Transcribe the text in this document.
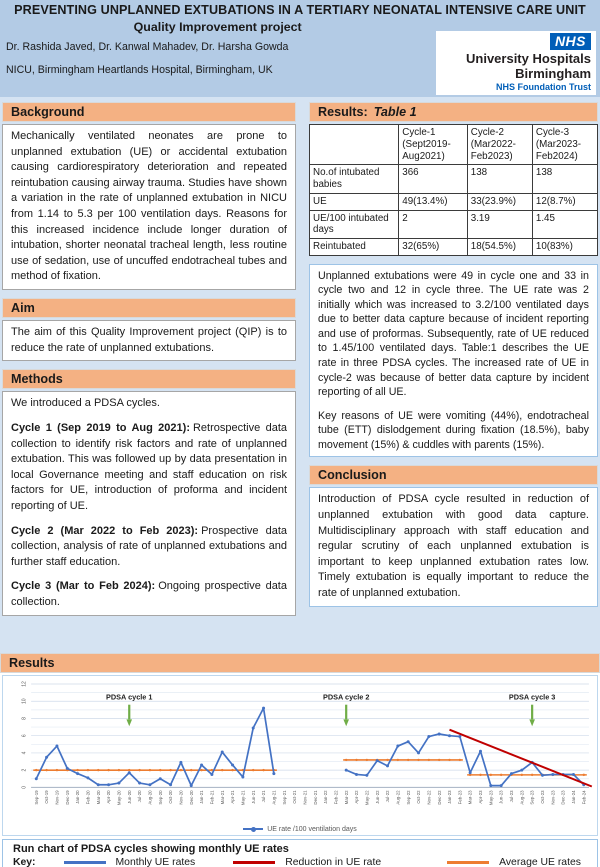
PREVENTING UNPLANNED EXTUBATIONS IN A TERTIARY NEONATAL INTENSIVE CARE UNIT
Quality Improvement project
Dr. Rashida Javed, Dr. Kanwal Mahadev, Dr. Harsha Gowda
NICU, Birmingham Heartlands Hospital, Birmingham, UK
NHS
University Hospitals
Birmingham
NHS Foundation Trust
Background

Mechanically ventilated neonates are prone to unplanned extubation (UE) or accidental extubation causing cardiorespiratory deterioration and repeated reintubation causing airway trauma. Studies have shown a variation in the rate of unplanned extubation in NICU from 1.14 to 5.3 per 100 ventilation days. Reasons for this increased incidence include longer duration of intubation, shorter neonatal tracheal length, less routine use of sedation, use of uncuffed endotracheal tubes and method of fixation.

Aim

The aim of this Quality Improvement project (QIP) is to reduce the rate of unplanned extubations.

Methods

We introduced a PDSA cycles.

Cycle 1 (Sep 2019 to Aug 2021): Retrospective data collection to identify risk factors and rate of unplanned extubation. This was followed up by data presentation in local Governance meeting and staff education on risk factors for UE, introduction of proforma and incident reporting of UE.

Cycle 2 (Mar 2022 to Feb 2023): Prospective data collection, analysis of rate of unplanned extubations and further staff education.

Cycle 3 (Mar to Feb 2024): Ongoing prospective data collection.

Results: Table 1
	Cycle-1 (Sept2019-Aug2021)	Cycle-2 (Mar2022-Feb2023)	Cycle-3 (Mar2023-Feb2024)
No.of intubated babies	366	138	138
UE	49(13.4%)	33(23.9%)	12(8.7%)
UE/100 intubated days	2	3.19	1.45
Reintubated	32(65%)	18(54.5%)	10(83%)

Unplanned extubations were 49 in cycle one and 33 in cycle two and 12 in cycle three. The UE rate was 2 initially which was increased to 3.2/100 ventilated days due to better data capture because of incident reporting and use of proformas. Subsequently, rate of UE reduced to 1.45/100 ventilated days. Table:1 describes the UE rate in three PDSA cycles. The increased rate of UE in cycle-2 was because of better data capture by incident reporting of all UE.

Key reasons of UE were vomiting (44%), endotracheal tube (ETT) dislodgement during fixation (18.5%), baby movement (15%) & cuddles with parents (15%).

Conclusion

Introduction of PDSA cycle resulted in reduction of unplanned extubation with good data capture. Multidisciplinary approach with staff education and regular scrutiny of each unplanned extubation is important to keep unplanned extubation rates low. Timely extubation is equally important to reduce the rate of unplanned extubation.

Results
0
2
4
6
8
10
12
Sep-19 Oct-19 Nov-19 Dec-19 Jan-20 Feb-20 Mar-20 Apr-20 May-20 Jun-20 Jul-20 Aug-20 Sep-20 Oct-20 Nov-20 Dec-20 Jan-21 Feb-21 Mar-21 Apr-21 May-21 Jun-21 Jul-21 Aug-21 Sep-21 Oct-21 Nov-21 Dec-21 Jan-22 Feb-22 Mar-22 Apr-22 May-22 Jun-22 Jul-22 Aug-22 Sep-22 Oct-22 Nov-22 Dec-22 Jan-23 Feb-23 Mar-23 Apr-23 May-23 Jun-23 Jul-23 Aug-23 Sep-23 Oct-23 Nov-23 Dec-23 Jan-24 Feb-24
PDSA cycle 1	PDSA cycle 2	PDSA cycle 3
UE rate /100 ventilation days
Run chart of PDSA cycles showing monthly UE rates
Key:	Monthly UE rates	Reduction in UE rate	Average UE rates
